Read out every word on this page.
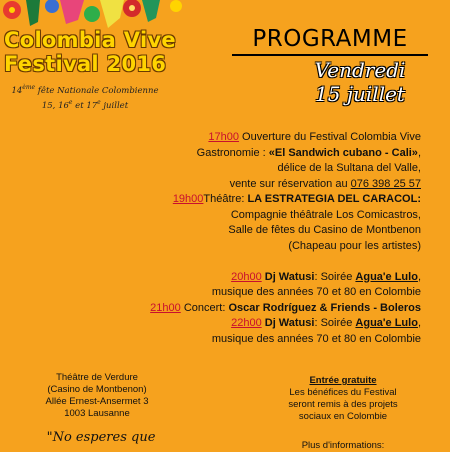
Colombia Vive
Festival 2016
14ème fête Nationale Colombienne
15, 16e et 17e juillet
PROGRAMME
Vendredi
15 juillet
17h00 Ouverture du Festival Colombia Vive
Gastronomie : «El Sandwich cubano - Cali»,
délice de la Sultana del Valle,
vente sur réservation au 076 398 25 57
19h00Théâtre: LA ESTRATEGIA DEL CARACOL:
Compagnie théâtrale Los Comicastros,
Salle de fêtes du Casino de Montbenon
(Chapeau pour les artistes)
20h00 Dj Watusi: Soirée Agua'e Lulo,
musique des années 70 et 80 en Colombie
21h00 Concert: Oscar Rodríguez & Friends - Boleros
22h00 Dj Watusi: Soirée Agua'e Lulo,
musique des années 70 et 80 en Colombie
Théâtre de Verdure
(Casino de Montbenon)
Allée Ernest-Ansermet 3
1003 Lausanne
"No esperes que
Entrée gratuite
Les bénéfices du Festival
seront remis à des projets
sociaux en Colombie
Plus d'informations:
